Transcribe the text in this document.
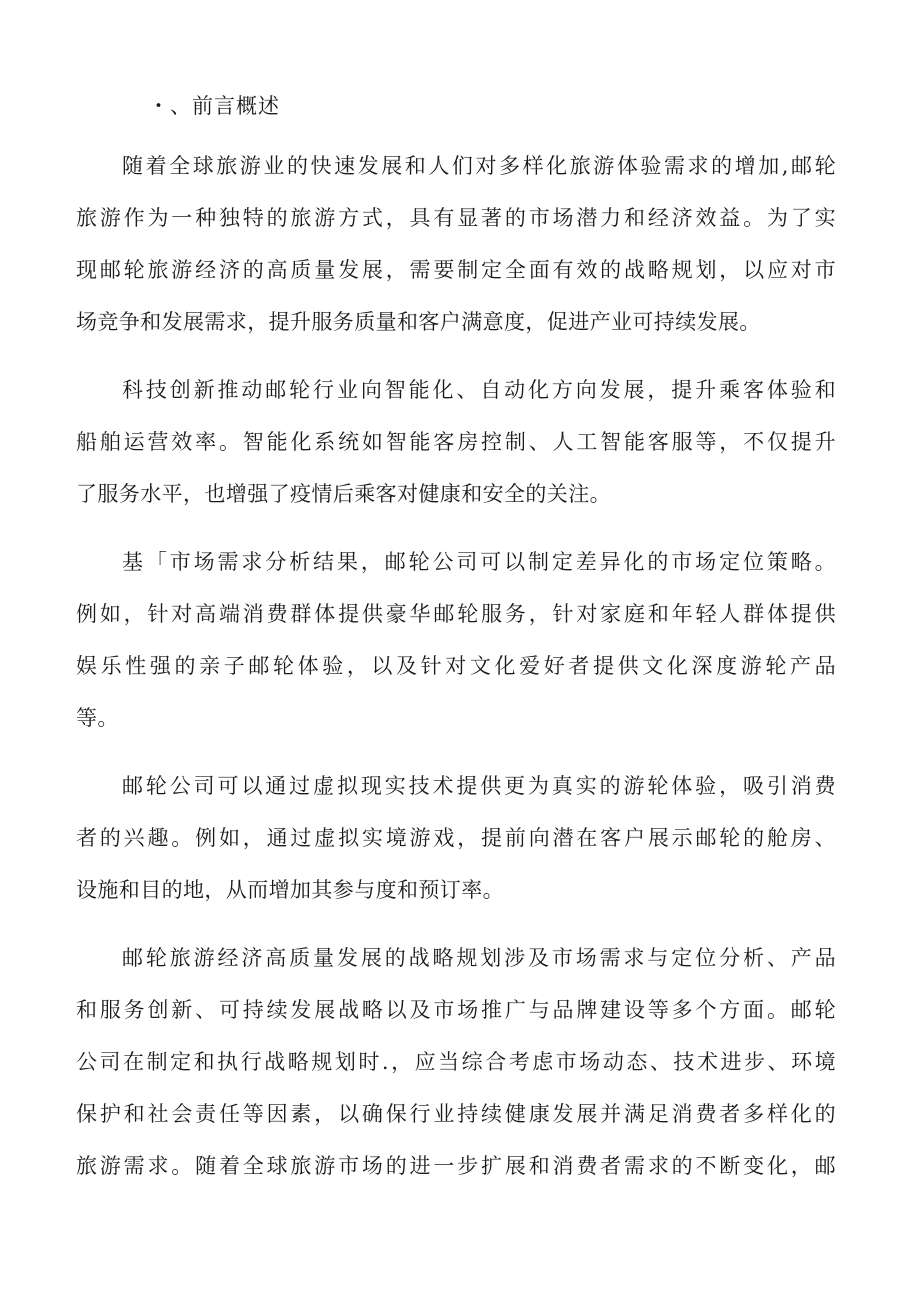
・、前言概述
随着全球旅游业的快速发展和人们对多样化旅游体验需求的增加,邮轮
旅游作为一种独特的旅游方式，具有显著的市场潜力和经济效益。为了实
现邮轮旅游经济的高质量发展，需要制定全面有效的战略规划，以应对市
场竞争和发展需求，提升服务质量和客户满意度，促进产业可持续发展。
科技创新推动邮轮行业向智能化、自动化方向发展，提升乘客体验和
船舶运营效率。智能化系统如智能客房控制、人工智能客服等，不仅提升
了服务水平，也增强了疫情后乘客对健康和安全的关注。
基「市场需求分析结果，邮轮公司可以制定差异化的市场定位策略。
例如，针对高端消费群体提供豪华邮轮服务，针对家庭和年轻人群体提供
娱乐性强的亲子邮轮体验，以及针对文化爱好者提供文化深度游轮产品
等。
邮轮公司可以通过虚拟现实技术提供更为真实的游轮体验，吸引消费
者的兴趣。例如，通过虚拟实境游戏，提前向潜在客户展示邮轮的舱房、
设施和目的地，从而增加其参与度和预订率。
邮轮旅游经济高质量发展的战略规划涉及市场需求与定位分析、产品
和服务创新、可持续发展战略以及市场推广与品牌建设等多个方面。邮轮
公司在制定和执行战略规划时.，应当综合考虑市场动态、技术进步、环境
保护和社会责任等因素，以确保行业持续健康发展并满足消费者多样化的
旅游需求。随着全球旅游市场的进一步扩展和消费者需求的不断变化，邮
